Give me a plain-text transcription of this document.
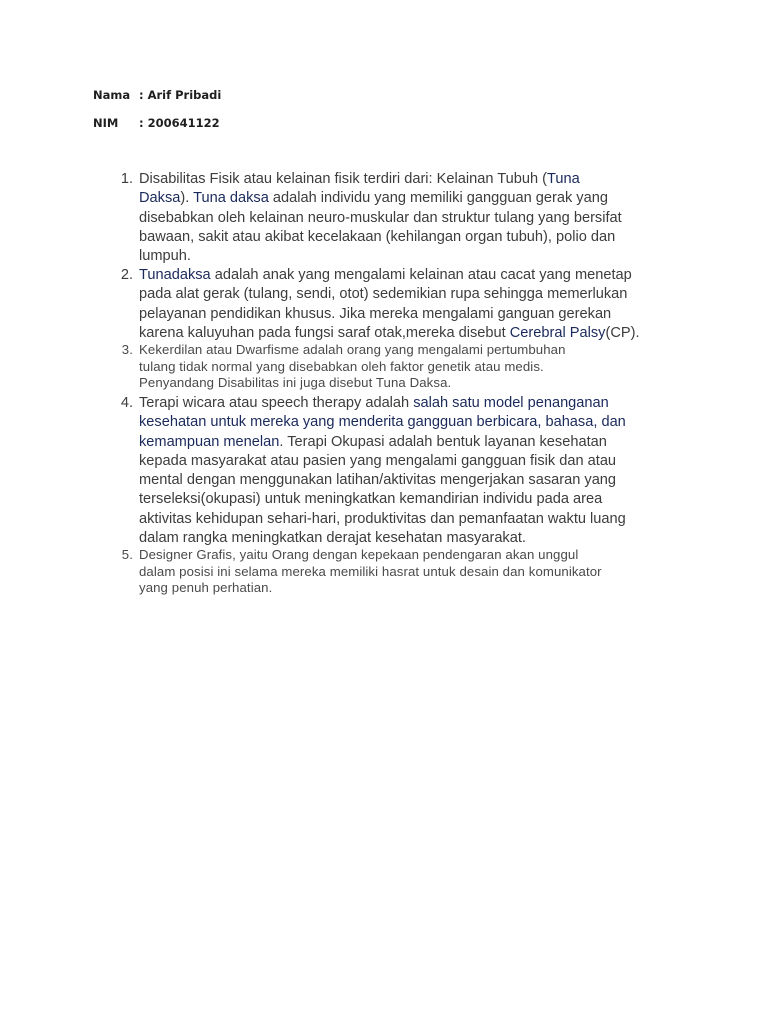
Nama : Arif Pribadi
NIM : 200641122
1. Disabilitas Fisik atau kelainan fisik terdiri dari: Kelainan Tubuh (Tuna

Daksa). Tuna daksa adalah individu yang memiliki gangguan gerak yang

disebabkan oleh kelainan neuro-muskular dan struktur tulang yang bersifat

bawaan, sakit atau akibat kecelakaan (kehilangan organ tubuh), polio dan

lumpuh.

2. Tunadaksa adalah anak yang mengalami kelainan atau cacat yang menetap

pada alat gerak (tulang, sendi, otot) sedemikian rupa sehingga memerlukan

pelayanan pendidikan khusus. Jika mereka mengalami ganguan gerekan

karena kaluyuhan pada fungsi saraf otak,mereka disebut Cerebral Palsy(CP).

3. Kekerdilan atau Dwarfisme adalah orang yang mengalami pertumbuhan

tulang tidak normal yang disebabkan oleh faktor genetik atau medis.

Penyandang Disabilitas ini juga disebut Tuna Daksa.

4. Terapi wicara atau speech therapy adalah salah satu model penanganan

kesehatan untuk mereka yang menderita gangguan berbicara, bahasa, dan

kemampuan menelan. Terapi Okupasi adalah bentuk layanan kesehatan

kepada masyarakat atau pasien yang mengalami gangguan fisik dan atau

mental dengan menggunakan latihan/aktivitas mengerjakan sasaran yang

terseleksi(okupasi) untuk meningkatkan kemandirian individu pada area

aktivitas kehidupan sehari-hari, produktivitas dan pemanfaatan waktu luang

dalam rangka meningkatkan derajat kesehatan masyarakat.

5. Designer Grafis, yaitu Orang dengan kepekaan pendengaran akan unggul

dalam posisi ini selama mereka memiliki hasrat untuk desain dan komunikator

yang penuh perhatian.
